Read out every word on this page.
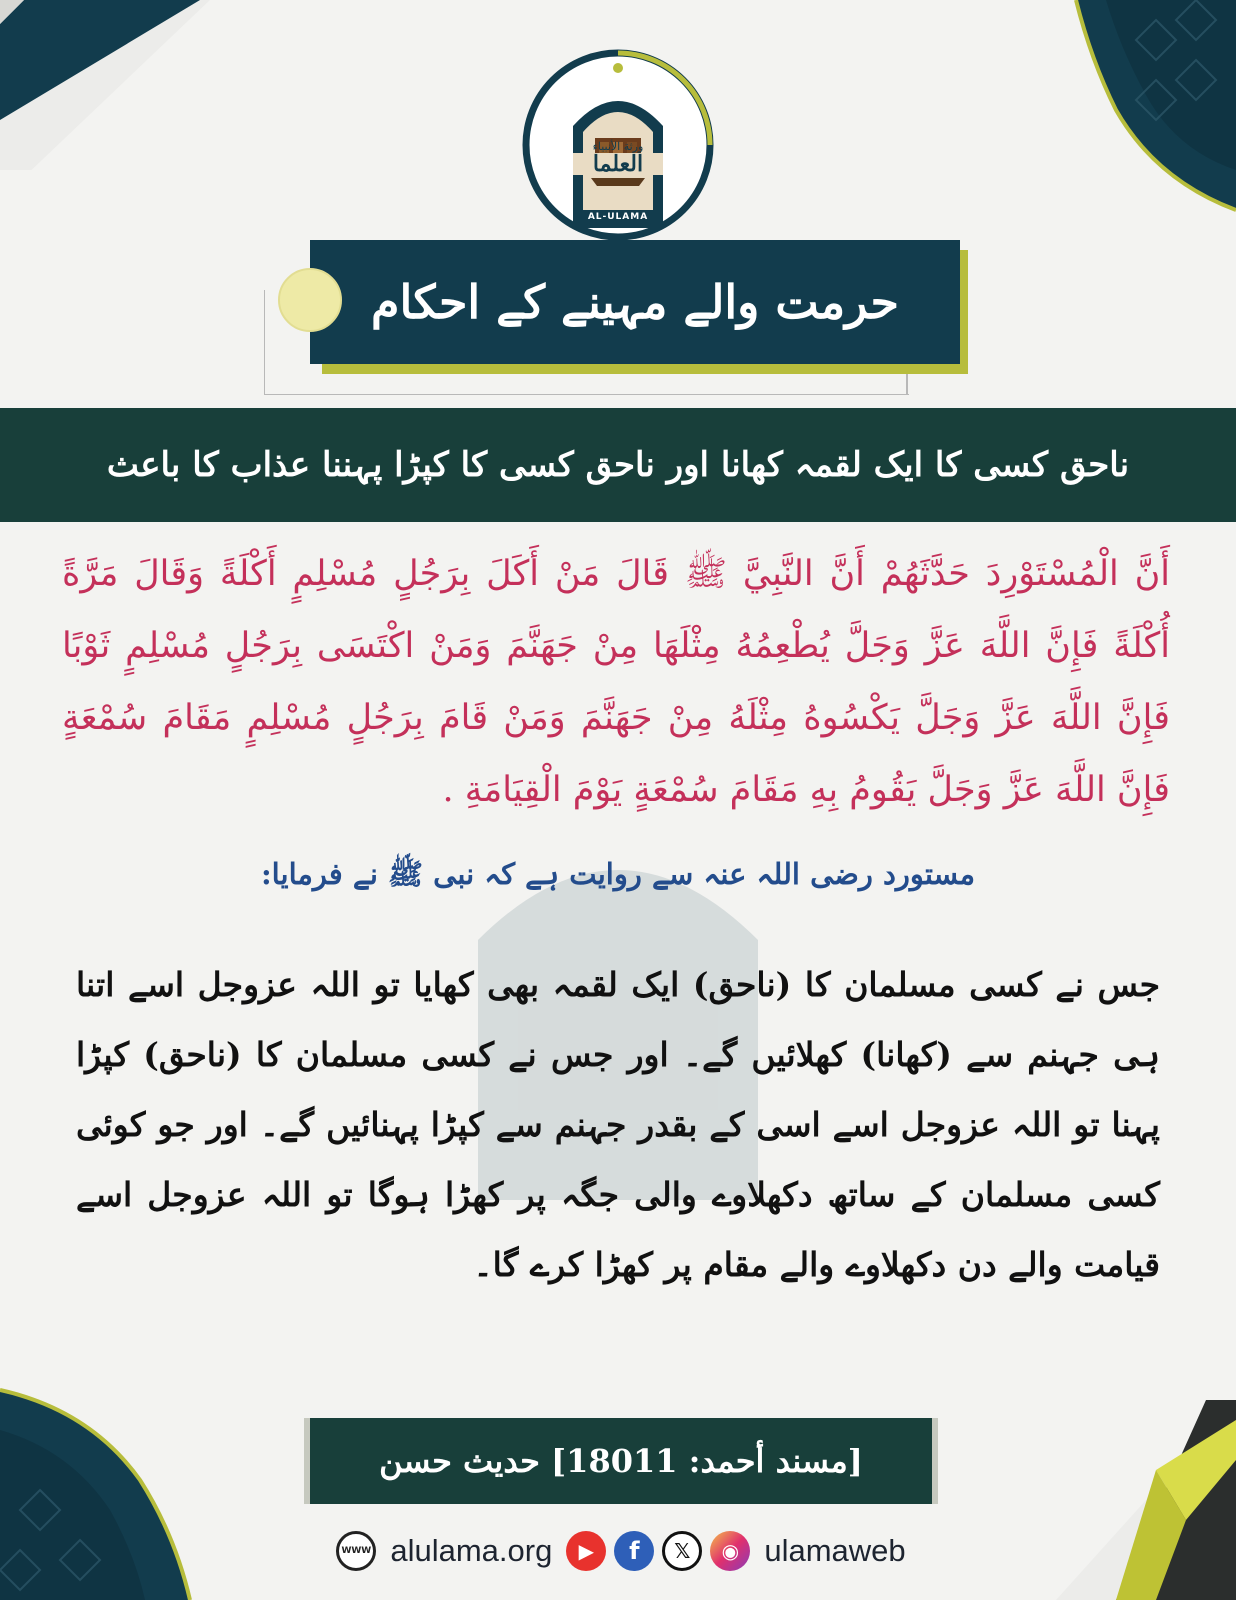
ورثة الأنبياء
العلما
AL-ULAMA
حرمت والے مہینے کے احکام
ناحق کسی کا ایک لقمہ کھانا اور ناحق کسی کا کپڑا پہننا عذاب کا باعث
أَنَّ الْمُسْتَوْرِدَ حَدَّثَهُمْ أَنَّ النَّبِيَّ ﷺ قَالَ مَنْ أَكَلَ بِرَجُلٍ مُسْلِمٍ أَكْلَةً وَقَالَ مَرَّةً أُكْلَةً فَإِنَّ اللَّهَ عَزَّ وَجَلَّ يُطْعِمُهُ مِثْلَهَا مِنْ جَهَنَّمَ وَمَنْ اكْتَسَى بِرَجُلٍ مُسْلِمٍ ثَوْبًا فَإِنَّ اللَّهَ عَزَّ وَجَلَّ يَكْسُوهُ مِثْلَهُ مِنْ جَهَنَّمَ وَمَنْ قَامَ بِرَجُلٍ مُسْلِمٍ مَقَامَ سُمْعَةٍ فَإِنَّ اللَّهَ عَزَّ وَجَلَّ يَقُومُ بِهِ مَقَامَ سُمْعَةٍ يَوْمَ الْقِيَامَةِ .
مستورد رضی اللہ عنہ سے روایت ہے کہ نبی ﷺ نے فرمایا:
جس نے کسی مسلمان کا (ناحق) ایک لقمہ بھی کھایا تو اللہ عزوجل اسے اتنا ہی جہنم سے (کھانا) کھلائیں گے۔ اور جس نے کسی مسلمان کا (ناحق) کپڑا پہنا تو اللہ عزوجل اسے اسی کے بقدر جہنم سے کپڑا پہنائیں گے۔ اور جو کوئی کسی مسلمان کے ساتھ دکھلاوے والی جگہ پر کھڑا ہوگا تو اللہ عزوجل اسے قیامت والے دن دکھلاوے والے مقام پر کھڑا کرے گا۔
[مسند أحمد: 18011] حديث حسن
WWW alulama.org	▶	f	𝕏	◉ ulamaweb
